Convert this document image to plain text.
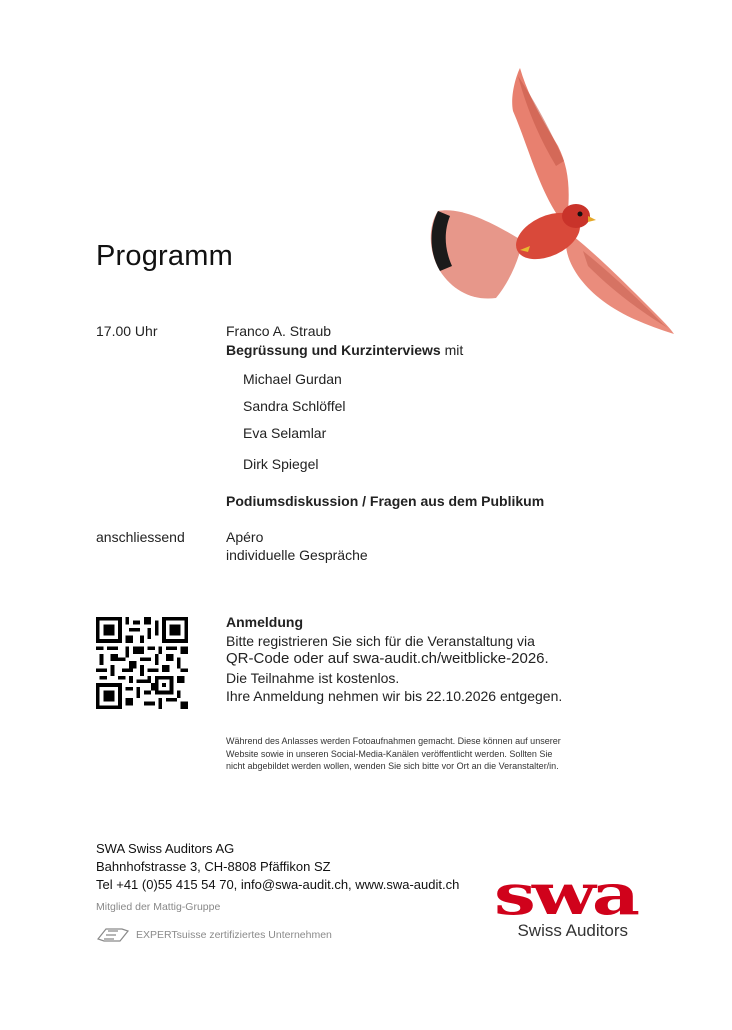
Programm
17.00 Uhr	Franco A. Straub
Begrüssung und Kurzinterviews mit
Michael Gurdan
Sandra Schlöffel
Eva Selamlar
Dirk Spiegel
Podiumsdiskussion / Fragen aus dem Publikum
anschliessend	Apéro
individuelle Gespräche
Anmeldung
Bitte registrieren Sie sich für die Veranstaltung via
QR-Code oder auf swa-audit.ch/weitblicke-2026.
Die Teilnahme ist kostenlos.
Ihre Anmeldung nehmen wir bis 22.10.2026 entgegen.
Während des Anlasses werden Fotoaufnahmen gemacht. Diese können auf unserer
Website sowie in unseren Social-Media-Kanälen veröffentlicht werden. Sollten Sie
nicht abgebildet werden wollen, wenden Sie sich bitte vor Ort an die Veranstalter/in.
SWA Swiss Auditors AG
Bahnhofstrasse 3, CH-8808 Pfäffikon SZ
Tel +41 (0)55 415 54 70, info@swa-audit.ch, www.swa-audit.ch
Mitglied der Mattig-Gruppe
EXPERTsuisse zertifiziertes Unternehmen
swa
Swiss Auditors
